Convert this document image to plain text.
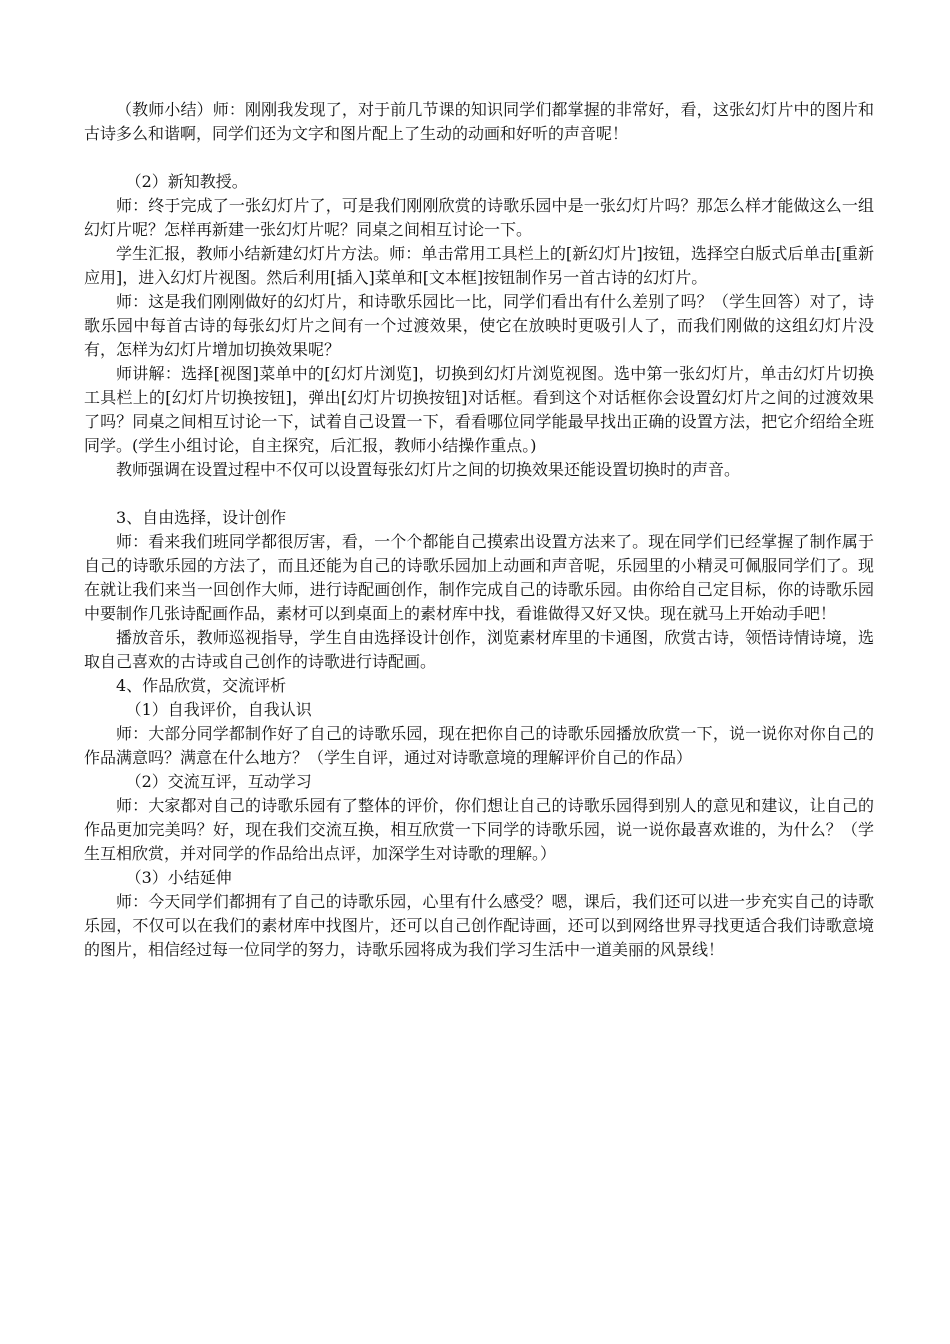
（教师小结）师：刚刚我发现了，对于前几节课的知识同学们都掌握的非常好，看，这张幻灯片中的图片和古诗多么和谐啊，同学们还为文字和图片配上了生动的动画和好听的声音呢！

（2）新知教授。

师：终于完成了一张幻灯片了，可是我们刚刚欣赏的诗歌乐园中是一张幻灯片吗？那怎么样才能做这么一组幻灯片呢？怎样再新建一张幻灯片呢？同桌之间相互讨论一下。

学生汇报，教师小结新建幻灯片方法。师：单击常用工具栏上的[新幻灯片]按钮，选择空白版式后单击[重新应用]，进入幻灯片视图。然后利用[插入]菜单和[文本框]按钮制作另一首古诗的幻灯片。

师：这是我们刚刚做好的幻灯片，和诗歌乐园比一比，同学们看出有什么差别了吗？（学生回答）对了，诗歌乐园中每首古诗的每张幻灯片之间有一个过渡效果，使它在放映时更吸引人了，而我们刚做的这组幻灯片没有，怎样为幻灯片增加切换效果呢？

师讲解：选择[视图]菜单中的[幻灯片浏览]，切换到幻灯片浏览视图。选中第一张幻灯片，单击幻灯片切换工具栏上的[幻灯片切换按钮]，弹出[幻灯片切换按钮]对话框。看到这个对话框你会设置幻灯片之间的过渡效果了吗？同桌之间相互讨论一下，试着自己设置一下，看看哪位同学能最早找出正确的设置方法，把它介绍给全班同学。(学生小组讨论，自主探究，后汇报，教师小结操作重点。)

教师强调在设置过程中不仅可以设置每张幻灯片之间的切换效果还能设置切换时的声音。

3、自由选择，设计创作

师：看来我们班同学都很厉害，看，一个个都能自己摸索出设置方法来了。现在同学们已经掌握了制作属于自己的诗歌乐园的方法了，而且还能为自己的诗歌乐园加上动画和声音呢，乐园里的小精灵可佩服同学们了。现在就让我们来当一回创作大师，进行诗配画创作，制作完成自己的诗歌乐园。由你给自己定目标，你的诗歌乐园中要制作几张诗配画作品，素材可以到桌面上的素材库中找，看谁做得又好又快。现在就马上开始动手吧！

播放音乐，教师巡视指导，学生自由选择设计创作，浏览素材库里的卡通图，欣赏古诗，领悟诗情诗境，选取自己喜欢的古诗或自己创作的诗歌进行诗配画。

4、作品欣赏，交流评析

（1）自我评价，自我认识

师：大部分同学都制作好了自己的诗歌乐园，现在把你自己的诗歌乐园播放欣赏一下，说一说你对你自己的作品满意吗？满意在什么地方？（学生自评，通过对诗歌意境的理解评价自己的作品）

（2）交流互评，互动学习

师：大家都对自己的诗歌乐园有了整体的评价，你们想让自己的诗歌乐园得到别人的意见和建议，让自己的作品更加完美吗？好，现在我们交流互换，相互欣赏一下同学的诗歌乐园，说一说你最喜欢谁的，为什么？（学生互相欣赏，并对同学的作品给出点评，加深学生对诗歌的理解。）

（3）小结延伸

师：今天同学们都拥有了自己的诗歌乐园，心里有什么感受？嗯，课后，我们还可以进一步充实自己的诗歌乐园，不仅可以在我们的素材库中找图片，还可以自己创作配诗画，还可以到网络世界寻找更适合我们诗歌意境的图片，相信经过每一位同学的努力，诗歌乐园将成为我们学习生活中一道美丽的风景线！
